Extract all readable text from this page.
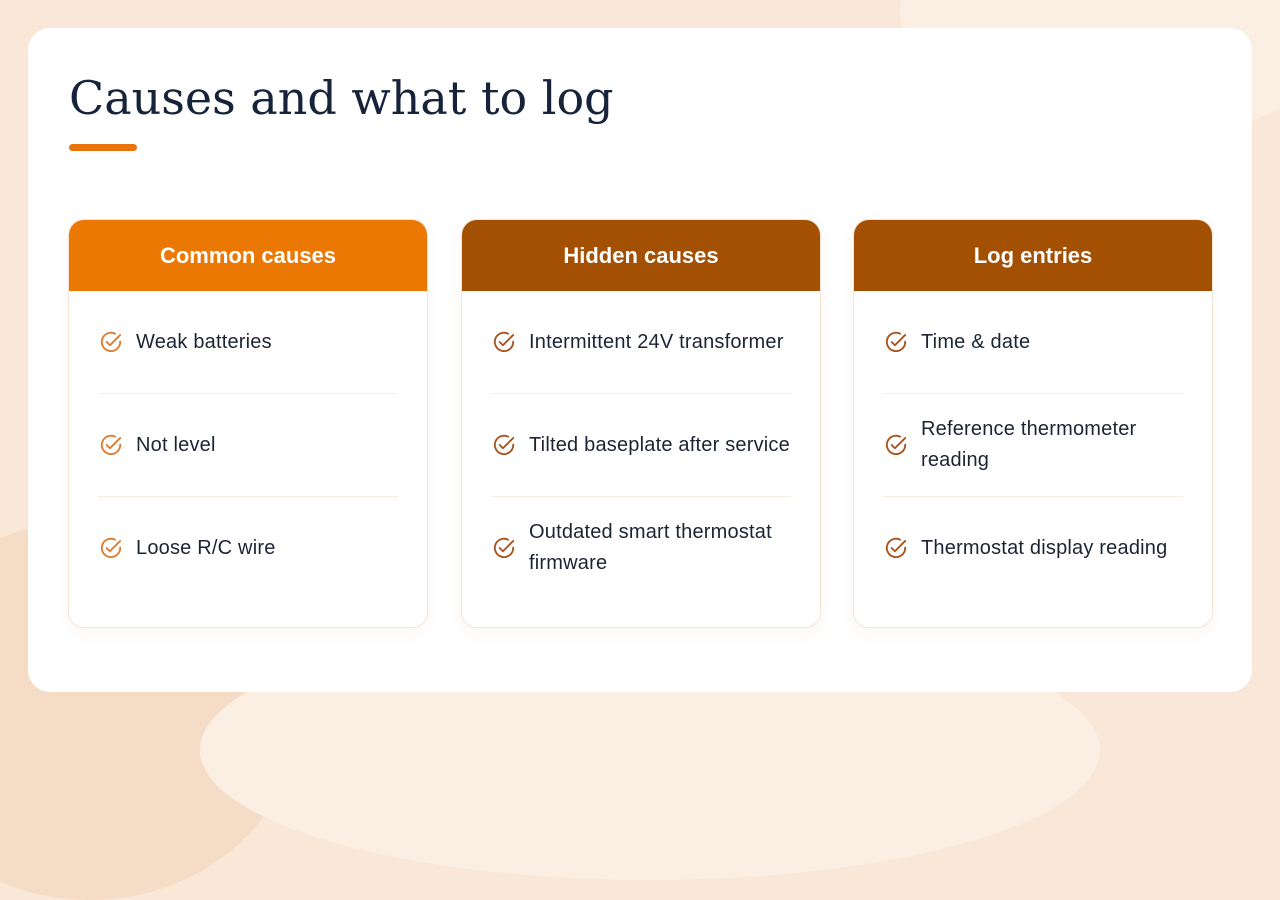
Causes and what to log
Common causes
Weak batteries
Not level
Loose R/C wire
Hidden causes
Intermittent 24V transformer
Tilted baseplate after service
Outdated smart thermostat firmware
Log entries
Time & date
Reference thermometer reading
Thermostat display reading
